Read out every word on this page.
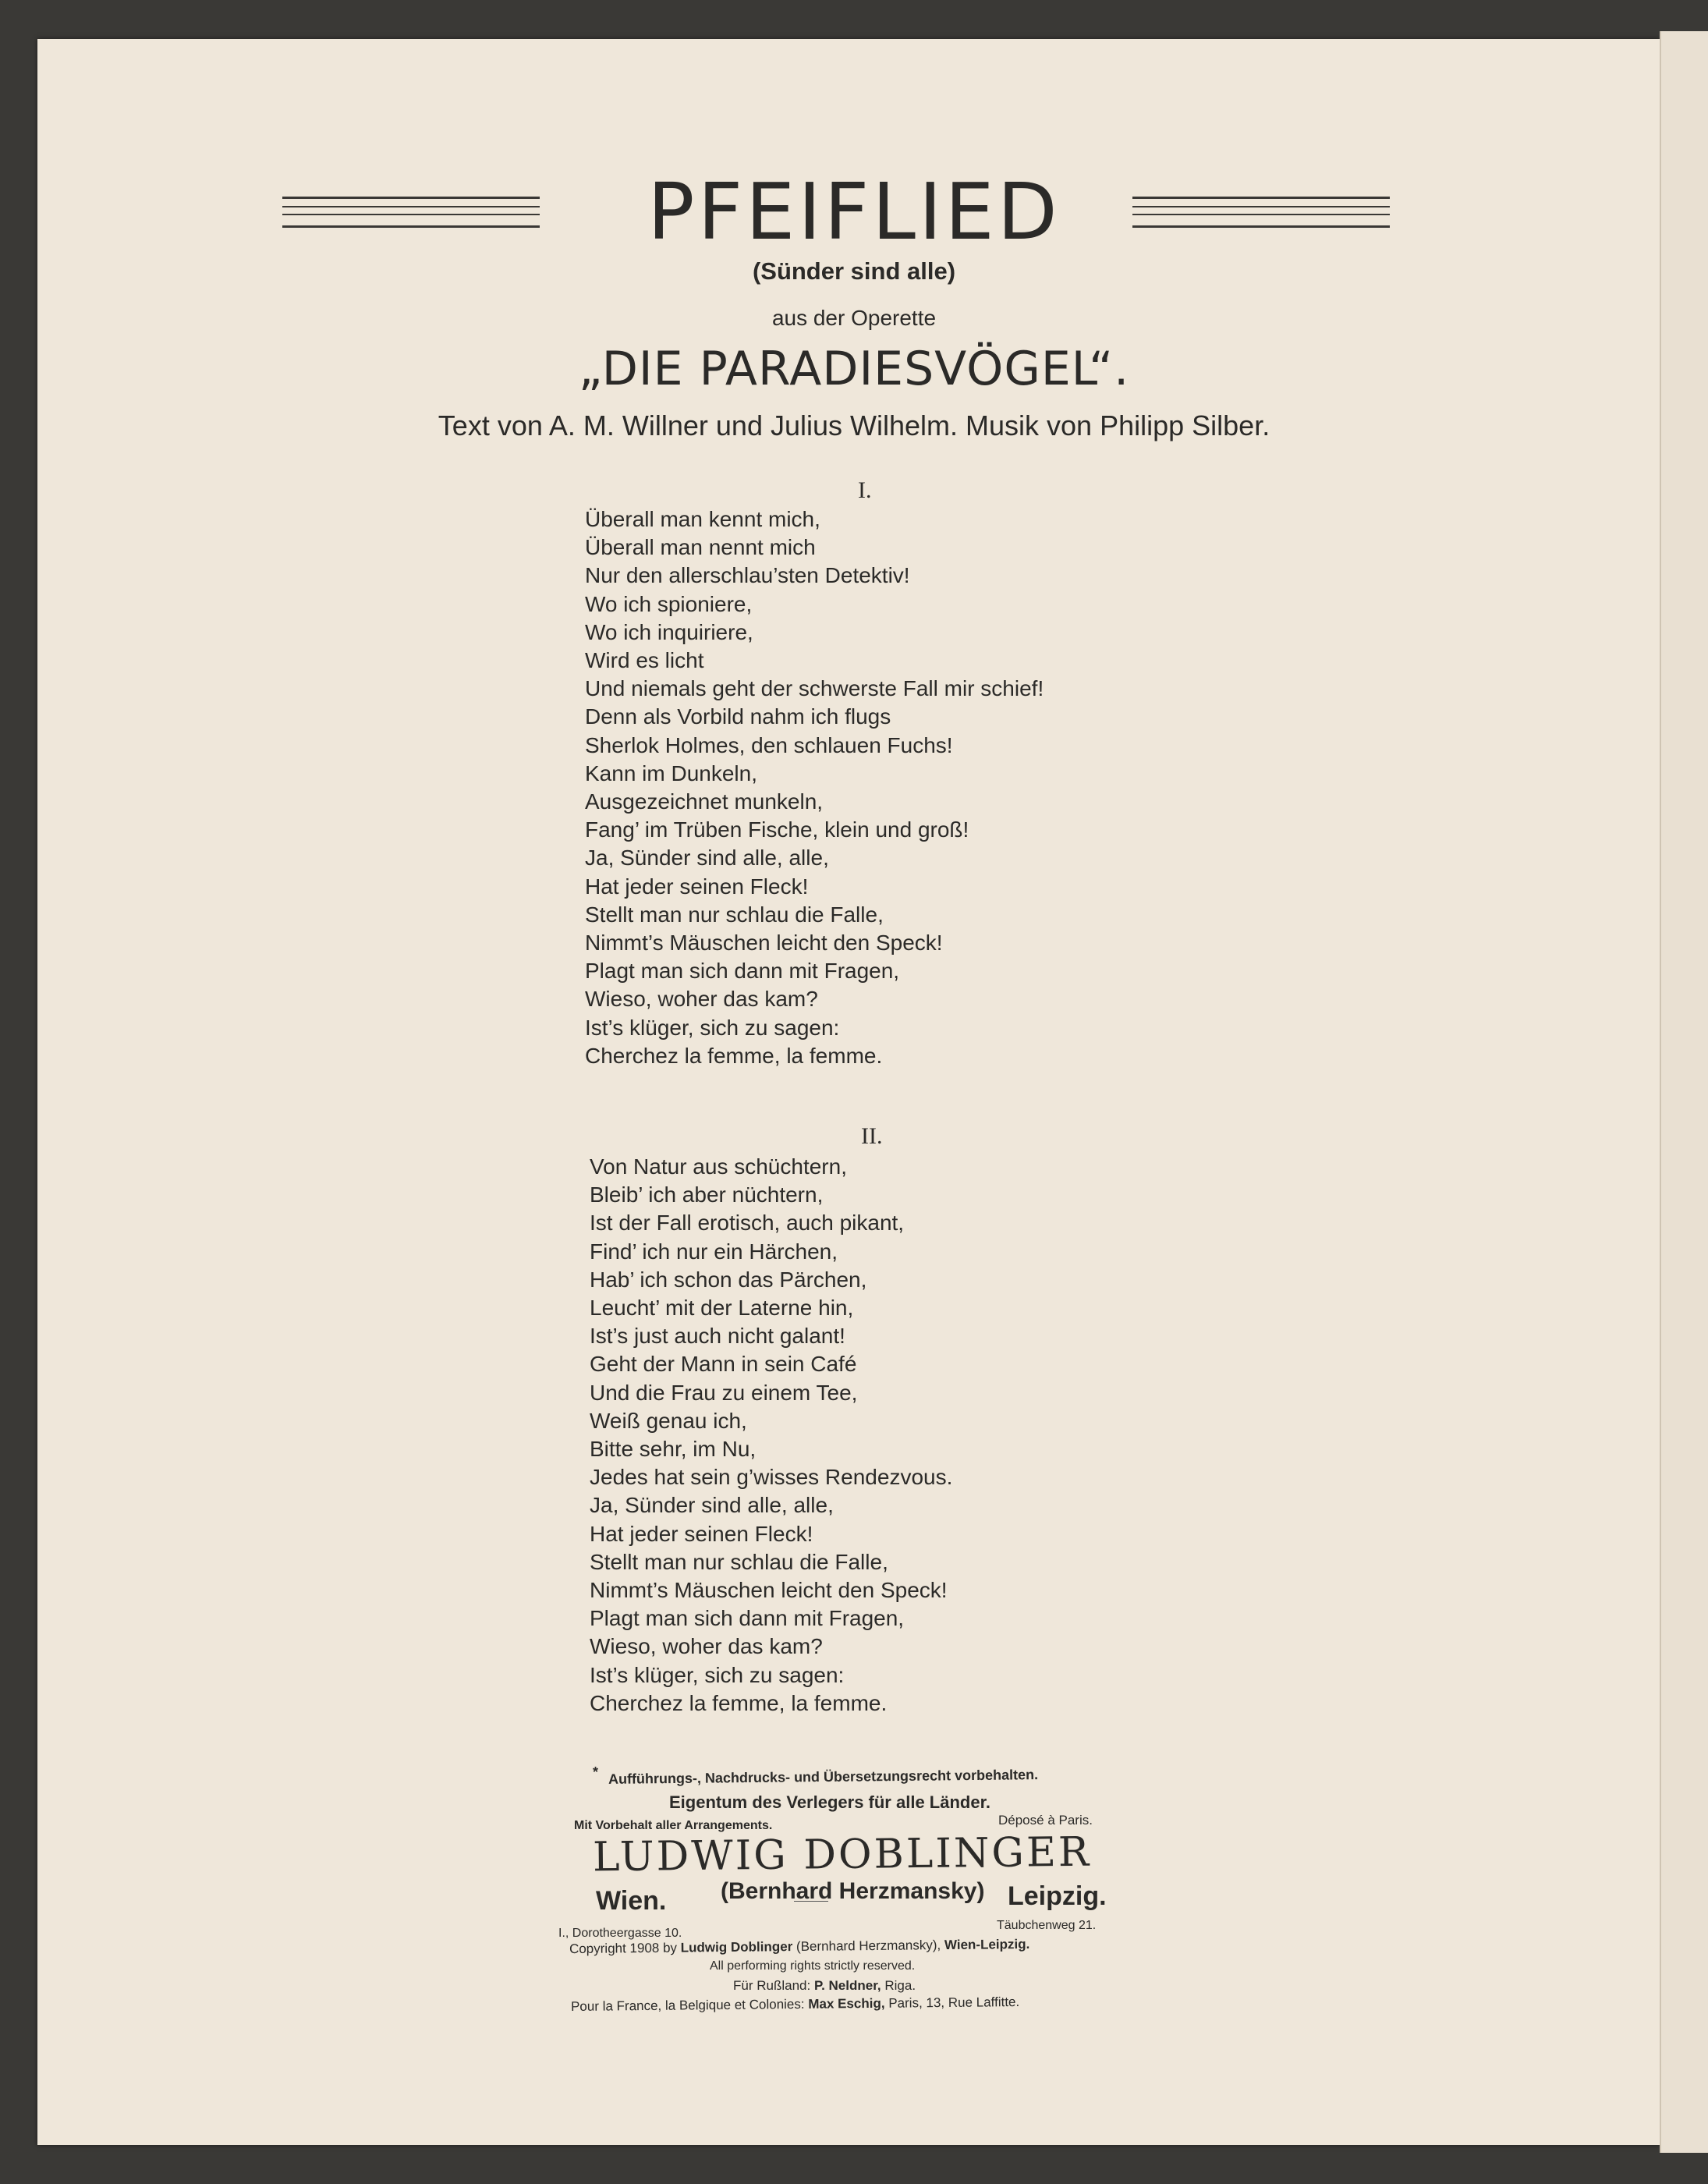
PFEIFLIED
(Sünder sind alle)
aus der Operette
„DIE PARADIESVÖGEL“.
Text von A. M. Willner und Julius Wilhelm. Musik von Philipp Silber.
I.
Überall man kennt mich,
Überall man nennt mich
Nur den allerschlau’sten Detektiv!
Wo ich spioniere,
Wo ich inquiriere,
Wird es licht
Und niemals geht der schwerste Fall mir schief!
Denn als Vorbild nahm ich flugs
Sherlok Holmes, den schlauen Fuchs!
Kann im Dunkeln,
Ausgezeichnet munkeln,
Fang’ im Trüben Fische, klein und groß!
Ja, Sünder sind alle, alle,
Hat jeder seinen Fleck!
Stellt man nur schlau die Falle,
Nimmt’s Mäuschen leicht den Speck!
Plagt man sich dann mit Fragen,
Wieso, woher das kam?
Ist’s klüger, sich zu sagen:
Cherchez la femme, la femme.
II.
Von Natur aus schüchtern,
Bleib’ ich aber nüchtern,
Ist der Fall erotisch, auch pikant,
Find’ ich nur ein Härchen,
Hab’ ich schon das Pärchen,
Leucht’ mit der Laterne hin,
Ist’s just auch nicht galant!
Geht der Mann in sein Café
Und die Frau zu einem Tee,
Weiß genau ich,
Bitte sehr, im Nu,
Jedes hat sein g’wisses Rendezvous.
Ja, Sünder sind alle, alle,
Hat jeder seinen Fleck!
Stellt man nur schlau die Falle,
Nimmt’s Mäuschen leicht den Speck!
Plagt man sich dann mit Fragen,
Wieso, woher das kam?
Ist’s klüger, sich zu sagen:
Cherchez la femme, la femme.
* Aufführungs-, Nachdrucks- und Übersetzungsrecht vorbehalten.
Eigentum des Verlegers für alle Länder.
Mit Vorbehalt aller Arrangements.	Déposé à Paris.
LUDWIG DOBLINGER
Wien. (Bernhard Herzmansky) Leipzig.
I., Dorotheergasse 10.
Täubchenweg 21.
Copyright 1908 by Ludwig Doblinger (Bernhard Herzmansky), Wien-Leipzig.
All performing rights strictly reserved.
Für Rußland: P. Neldner, Riga.
Pour la France, la Belgique et Colonies: Max Eschig, Paris, 13, Rue Laffitte.
